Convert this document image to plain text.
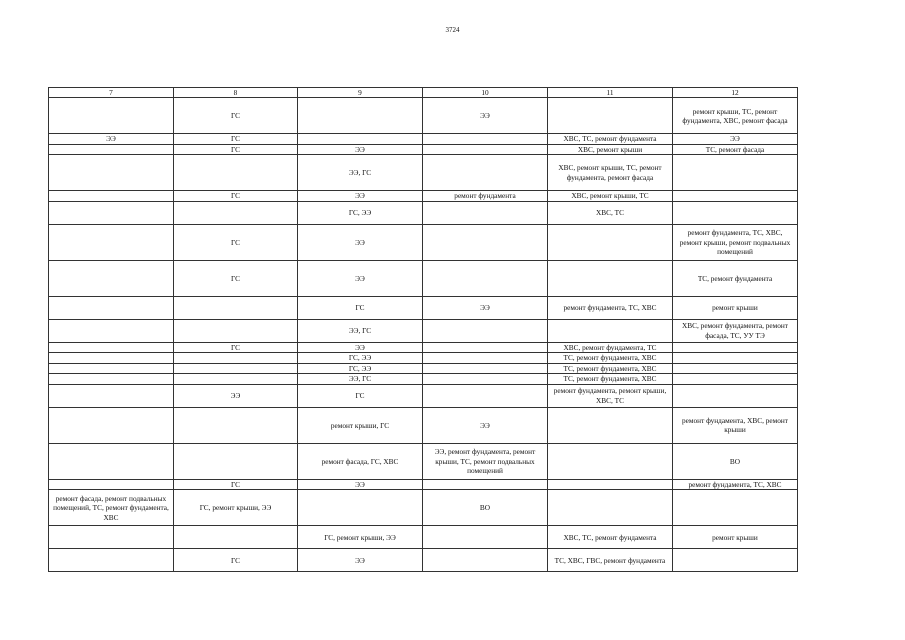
3724
7	8	9	10	11	12
	ГС		ЭЭ		ремонт крыши, ТС, ремонт фундамента, ХВС, ремонт фасада
ЭЭ	ГС			ХВС, ТС, ремонт фундамента	ЭЭ
	ГС	ЭЭ		ХВС, ремонт крыши	ТС, ремонт фасада
		ЭЭ, ГС		ХВС, ремонт крыши, ТС, ремонт фундамента, ремонт фасада	
	ГС	ЭЭ	ремонт фундамента	ХВС, ремонт крыши, ТС	
		ГС, ЭЭ		ХВС, ТС	
	ГС	ЭЭ			ремонт фундамента, ТС, ХВС, ремонт крыши, ремонт подвальных помещений
	ГС	ЭЭ			ТС, ремонт фундамента
		ГС	ЭЭ	ремонт фундамента, ТС, ХВС	ремонт крыши
		ЭЭ, ГС			ХВС, ремонт фундамента, ремонт фасада, ТС, УУ ТЭ
	ГС	ЭЭ		ХВС, ремонт фундамента, ТС	
		ГС, ЭЭ		ТС, ремонт фундамента, ХВС	
		ГС, ЭЭ		ТС, ремонт фундамента, ХВС	
		ЭЭ, ГС		ТС, ремонт фундамента, ХВС	
	ЭЭ	ГС		ремонт фундамента, ремонт крыши, ХВС, ТС	
		ремонт крыши, ГС	ЭЭ		ремонт фундамента, ХВС, ремонт крыши
		ремонт фасада, ГС, ХВС	ЭЭ, ремонт фундамента, ремонт крыши, ТС, ремонт подвальных помещений		ВО
	ГС	ЭЭ			ремонт фундамента, ТС, ХВС
ремонт фасада, ремонт подвальных помещений, ТС, ремонт фундамента, ХВС	ГС, ремонт крыши, ЭЭ		ВО		
		ГС, ремонт крыши, ЭЭ		ХВС, ТС, ремонт фундамента	ремонт крыши
	ГС	ЭЭ		ТС, ХВС, ГВС, ремонт фундамента	
